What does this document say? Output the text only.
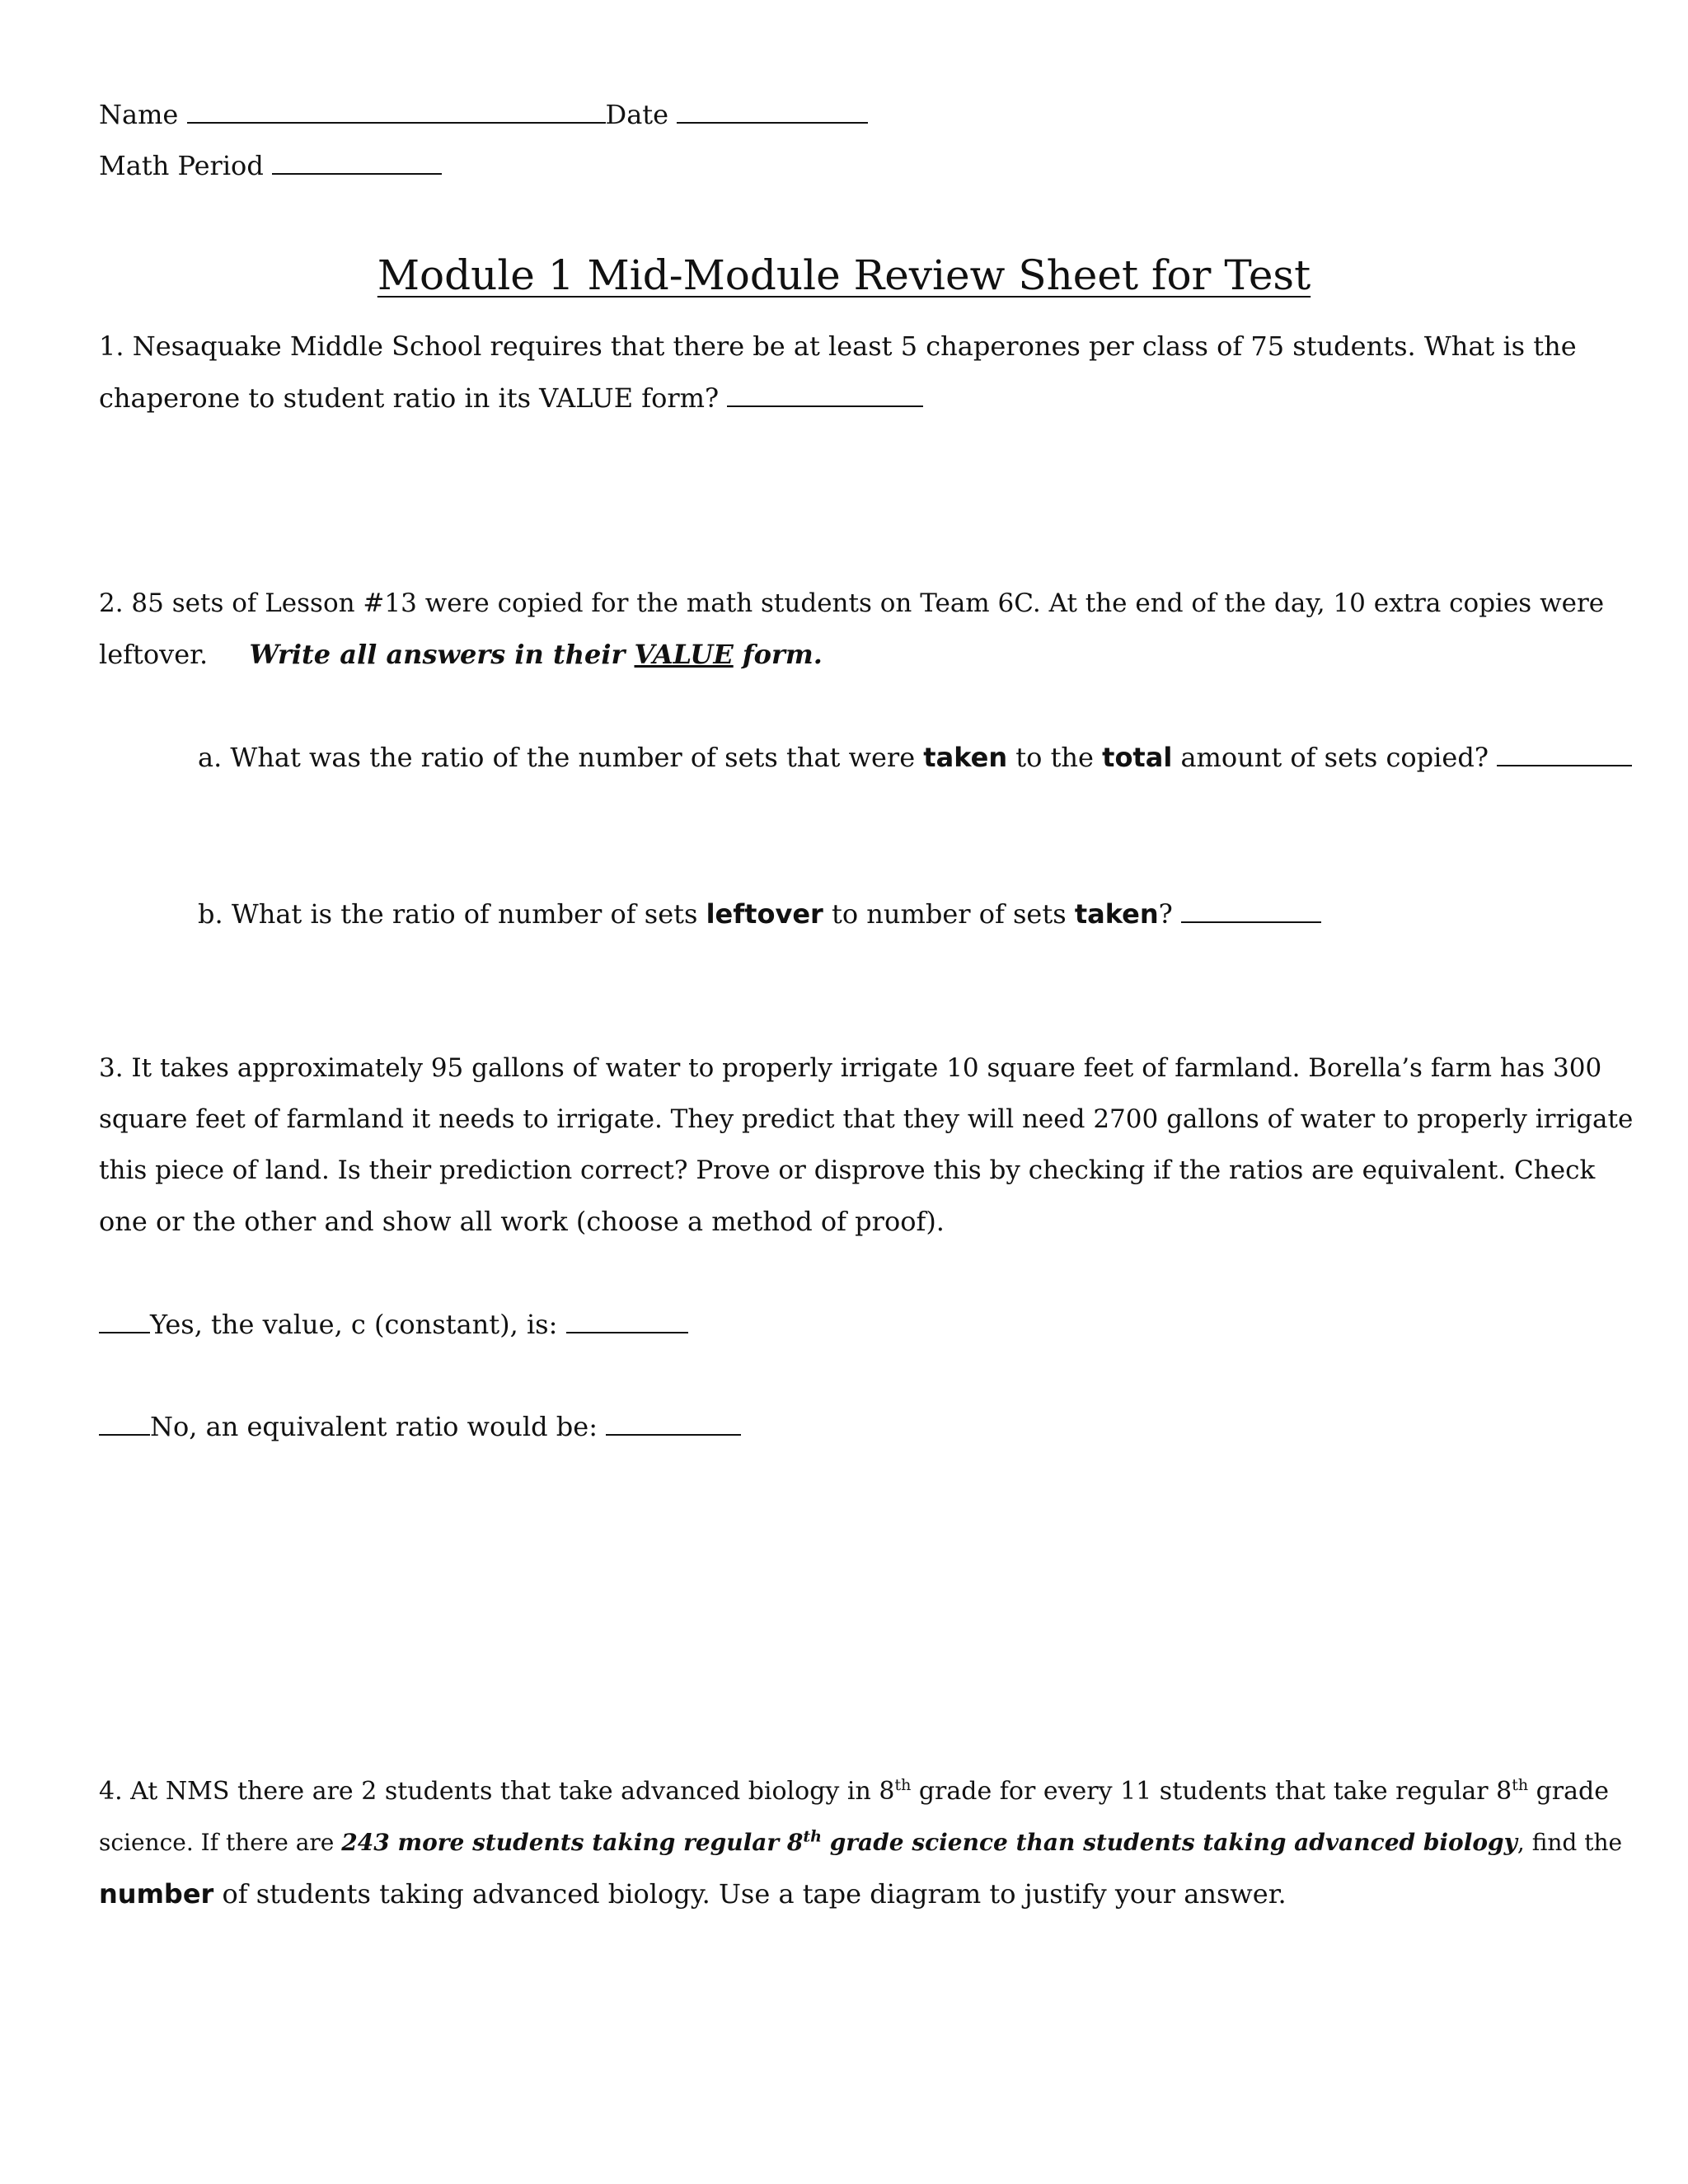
Name	Date
Math Period
Module 1 Mid-Module Review Sheet for Test
1. Nesaquake Middle School requires that there be at least 5 chaperones per class of 75 students. What is the
chaperone to student ratio in its VALUE form?
2. 85 sets of Lesson #13 were copied for the math students on Team 6C. At the end of the day, 10 extra copies were
leftover. Write all answers in their VALUE form.
a. What was the ratio of the number of sets that were taken to the total amount of sets copied?
b. What is the ratio of number of sets leftover to number of sets taken?
3. It takes approximately 95 gallons of water to properly irrigate 10 square feet of farmland. Borella’s farm has 300
square feet of farmland it needs to irrigate. They predict that they will need 2700 gallons of water to properly irrigate
this piece of land. Is their prediction correct? Prove or disprove this by checking if the ratios are equivalent. Check
one or the other and show all work (choose a method of proof).
Yes, the value, c (constant), is:
No, an equivalent ratio would be:
4. At NMS there are 2 students that take advanced biology in 8th grade for every 11 students that take regular 8th grade
science. If there are 243 more students taking regular 8th grade science than students taking advanced biology, find the
number of students taking advanced biology. Use a tape diagram to justify your answer.
